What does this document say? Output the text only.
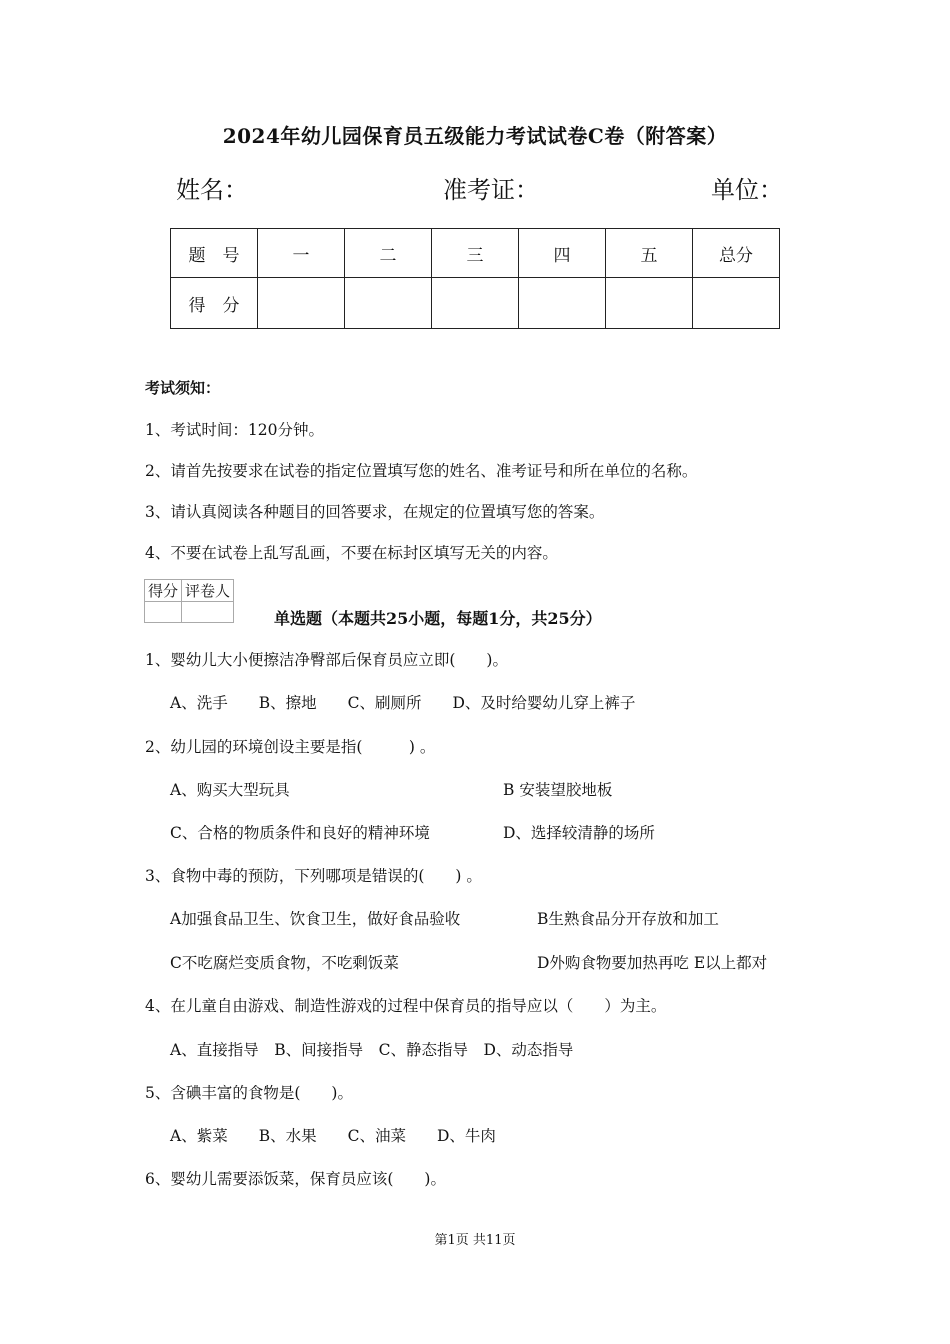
2024年幼儿园保育员五级能力考试试卷C卷（附答案）
姓名：	准考证：	单位：
题　号	一	二	三	四	五	总分
得　分						
考试须知：
1、考试时间：120分钟。
2、请首先按要求在试卷的指定位置填写您的姓名、准考证号和所在单位的名称。
3、请认真阅读各种题目的回答要求，在规定的位置填写您的答案。
4、不要在试卷上乱写乱画，不要在标封区填写无关的内容。
得分	评卷人

单选题（本题共25小题，每题1分，共25分）
1、婴幼儿大小便擦洁净臀部后保育员应立即(　　)。
A、洗手　　B、擦地　　C、刷厕所　　D、及时给婴幼儿穿上裤子
2、幼儿园的环境创设主要是指(　　　) 。
A、购买大型玩具	B 安装望胶地板
C、合格的物质条件和良好的精神环境	D、选择较清静的场所
3、食物中毒的预防，下列哪项是错误的(　　) 。
A加强食品卫生、饮食卫生，做好食品验收	B生熟食品分开存放和加工
C不吃腐烂变质食物，不吃剩饭菜	D外购食物要加热再吃 E以上都对
4、在儿童自由游戏、制造性游戏的过程中保育员的指导应以（　　）为主。
A、直接指导　B、间接指导　C、静态指导　D、动态指导
5、含碘丰富的食物是(　　)。
A、紫菜　　B、水果　　C、油菜　　D、牛肉
6、婴幼儿需要添饭菜，保育员应该(　　)。
第1页 共11页
